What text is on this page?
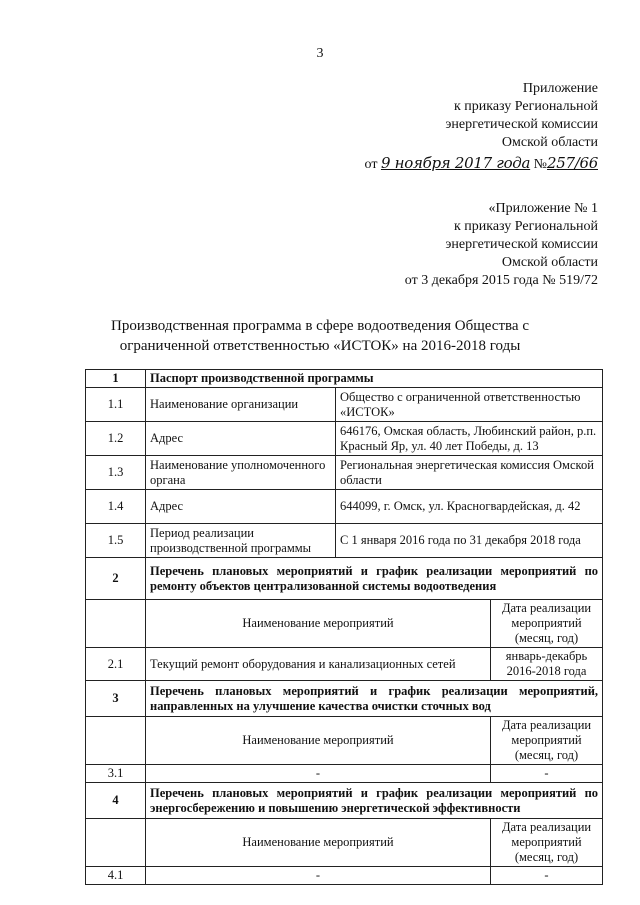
3
Приложение
к приказу Региональной
энергетической комиссии
Омской области
от 9 ноября 2017 года №257/66
«Приложение № 1
к приказу Региональной
энергетической комиссии
Омской области
от 3 декабря 2015 года № 519/72
Производственная программа в сфере водоотведения Общества с
ограниченной ответственностью «ИСТОК» на 2016-2018 годы
1	Паспорт производственной программы		
1.1	Наименование организации	Общество с ограниченной ответственностью «ИСТОК»	
1.2	Адрес	646176, Омская область, Любинский район, р.п. Красный Яр, ул. 40 лет Победы, д. 13	
1.3	Наименование уполномоченного органа	Региональная энергетическая комиссия Омской области	
1.4	Адрес	644099, г. Омск, ул. Красногвардейская, д. 42	
1.5	Период реализации производственной программы	С 1 января 2016 года по 31 декабря 2018 года	
2	Перечень плановых мероприятий и график реализации мероприятий по ремонту объектов централизованной системы водоотведения		
	Наименование мероприятий		Дата реализации мероприятий (месяц, год)
2.1	Текущий ремонт оборудования и канализационных сетей		январь-декабрь 2016-2018 года
3	Перечень плановых мероприятий и график реализации мероприятий, направленных на улучшение качества очистки сточных вод		
	Наименование мероприятий		Дата реализации мероприятий (месяц, год)
3.1	-		-
4	Перечень плановых мероприятий и график реализации мероприятий по энергосбережению и повышению энергетической эффективности		
	Наименование мероприятий		Дата реализации мероприятий (месяц, год)
4.1	-		-
